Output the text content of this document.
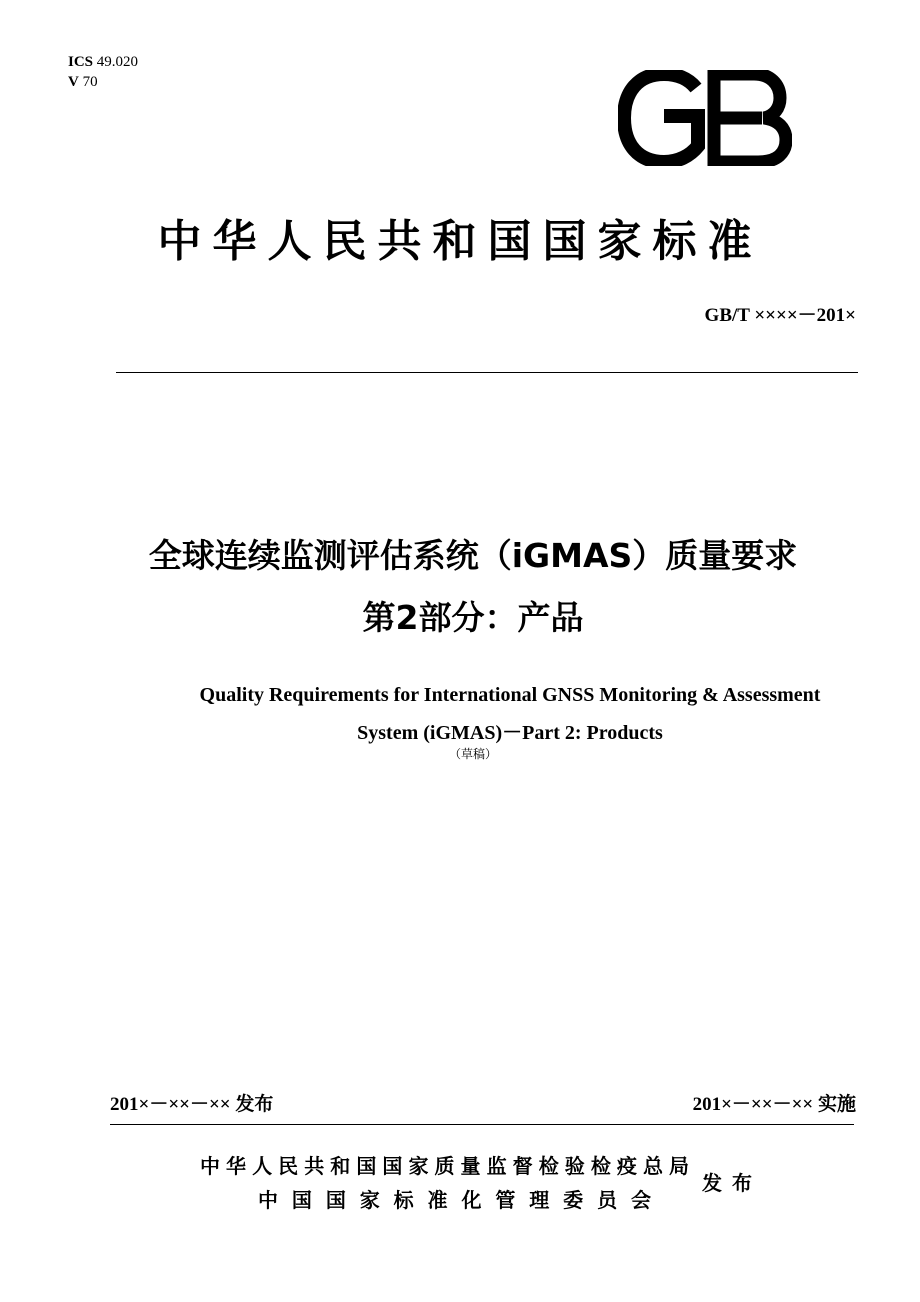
ICS 49.020
V 70
GB
中华人民共和国国家标准
GB/T ××××－201×
全球连续监测评估系统（iGMAS）质量要求
第2部分：产品
Quality Requirements for International GNSS Monitoring & Assessment
System (iGMAS)－Part 2: Products
（草稿）
201×－××－×× 发布	201×－××－×× 实施
中华人民共和国国家质量监督检验检疫总局
中国国家标准化管理委员会
发布
